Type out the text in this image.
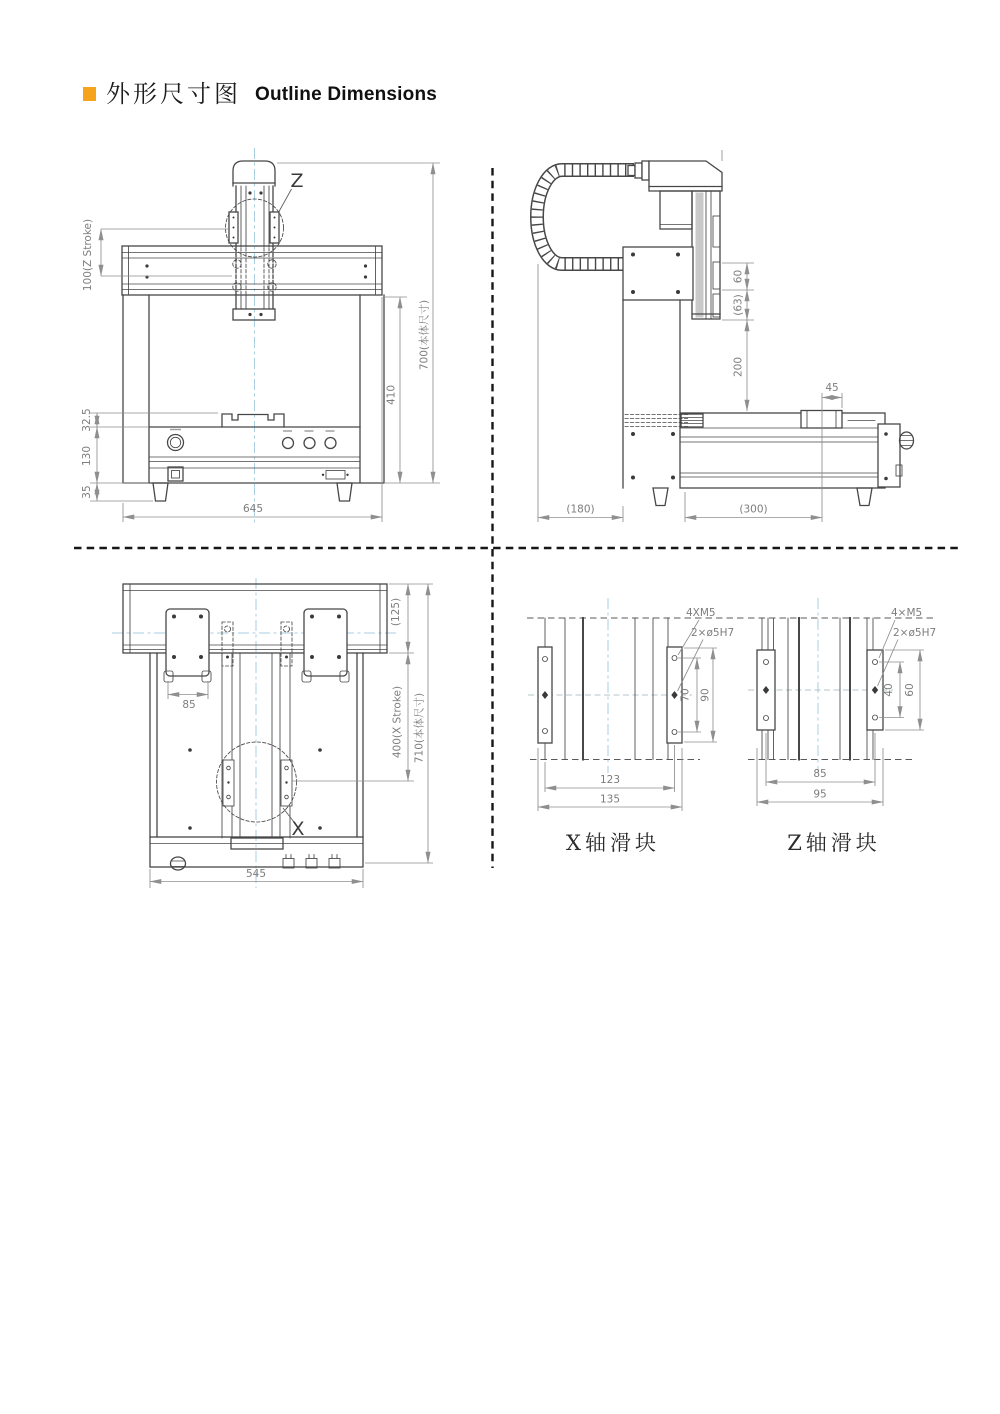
外形尺寸图 Outline Dimensions
100(Z Stroke)
32.5
130
35
645
410
700(本体尺寸)
Z
60
(63)
200
45
(180)	(300)
85
(125)
400(X Stroke) 710(本体尺寸)
545
X
4XM5
2×ø5H7
70 90
123
135
X轴滑块
4×M5
2×ø5H7
40 60
85
95
Z轴滑块
